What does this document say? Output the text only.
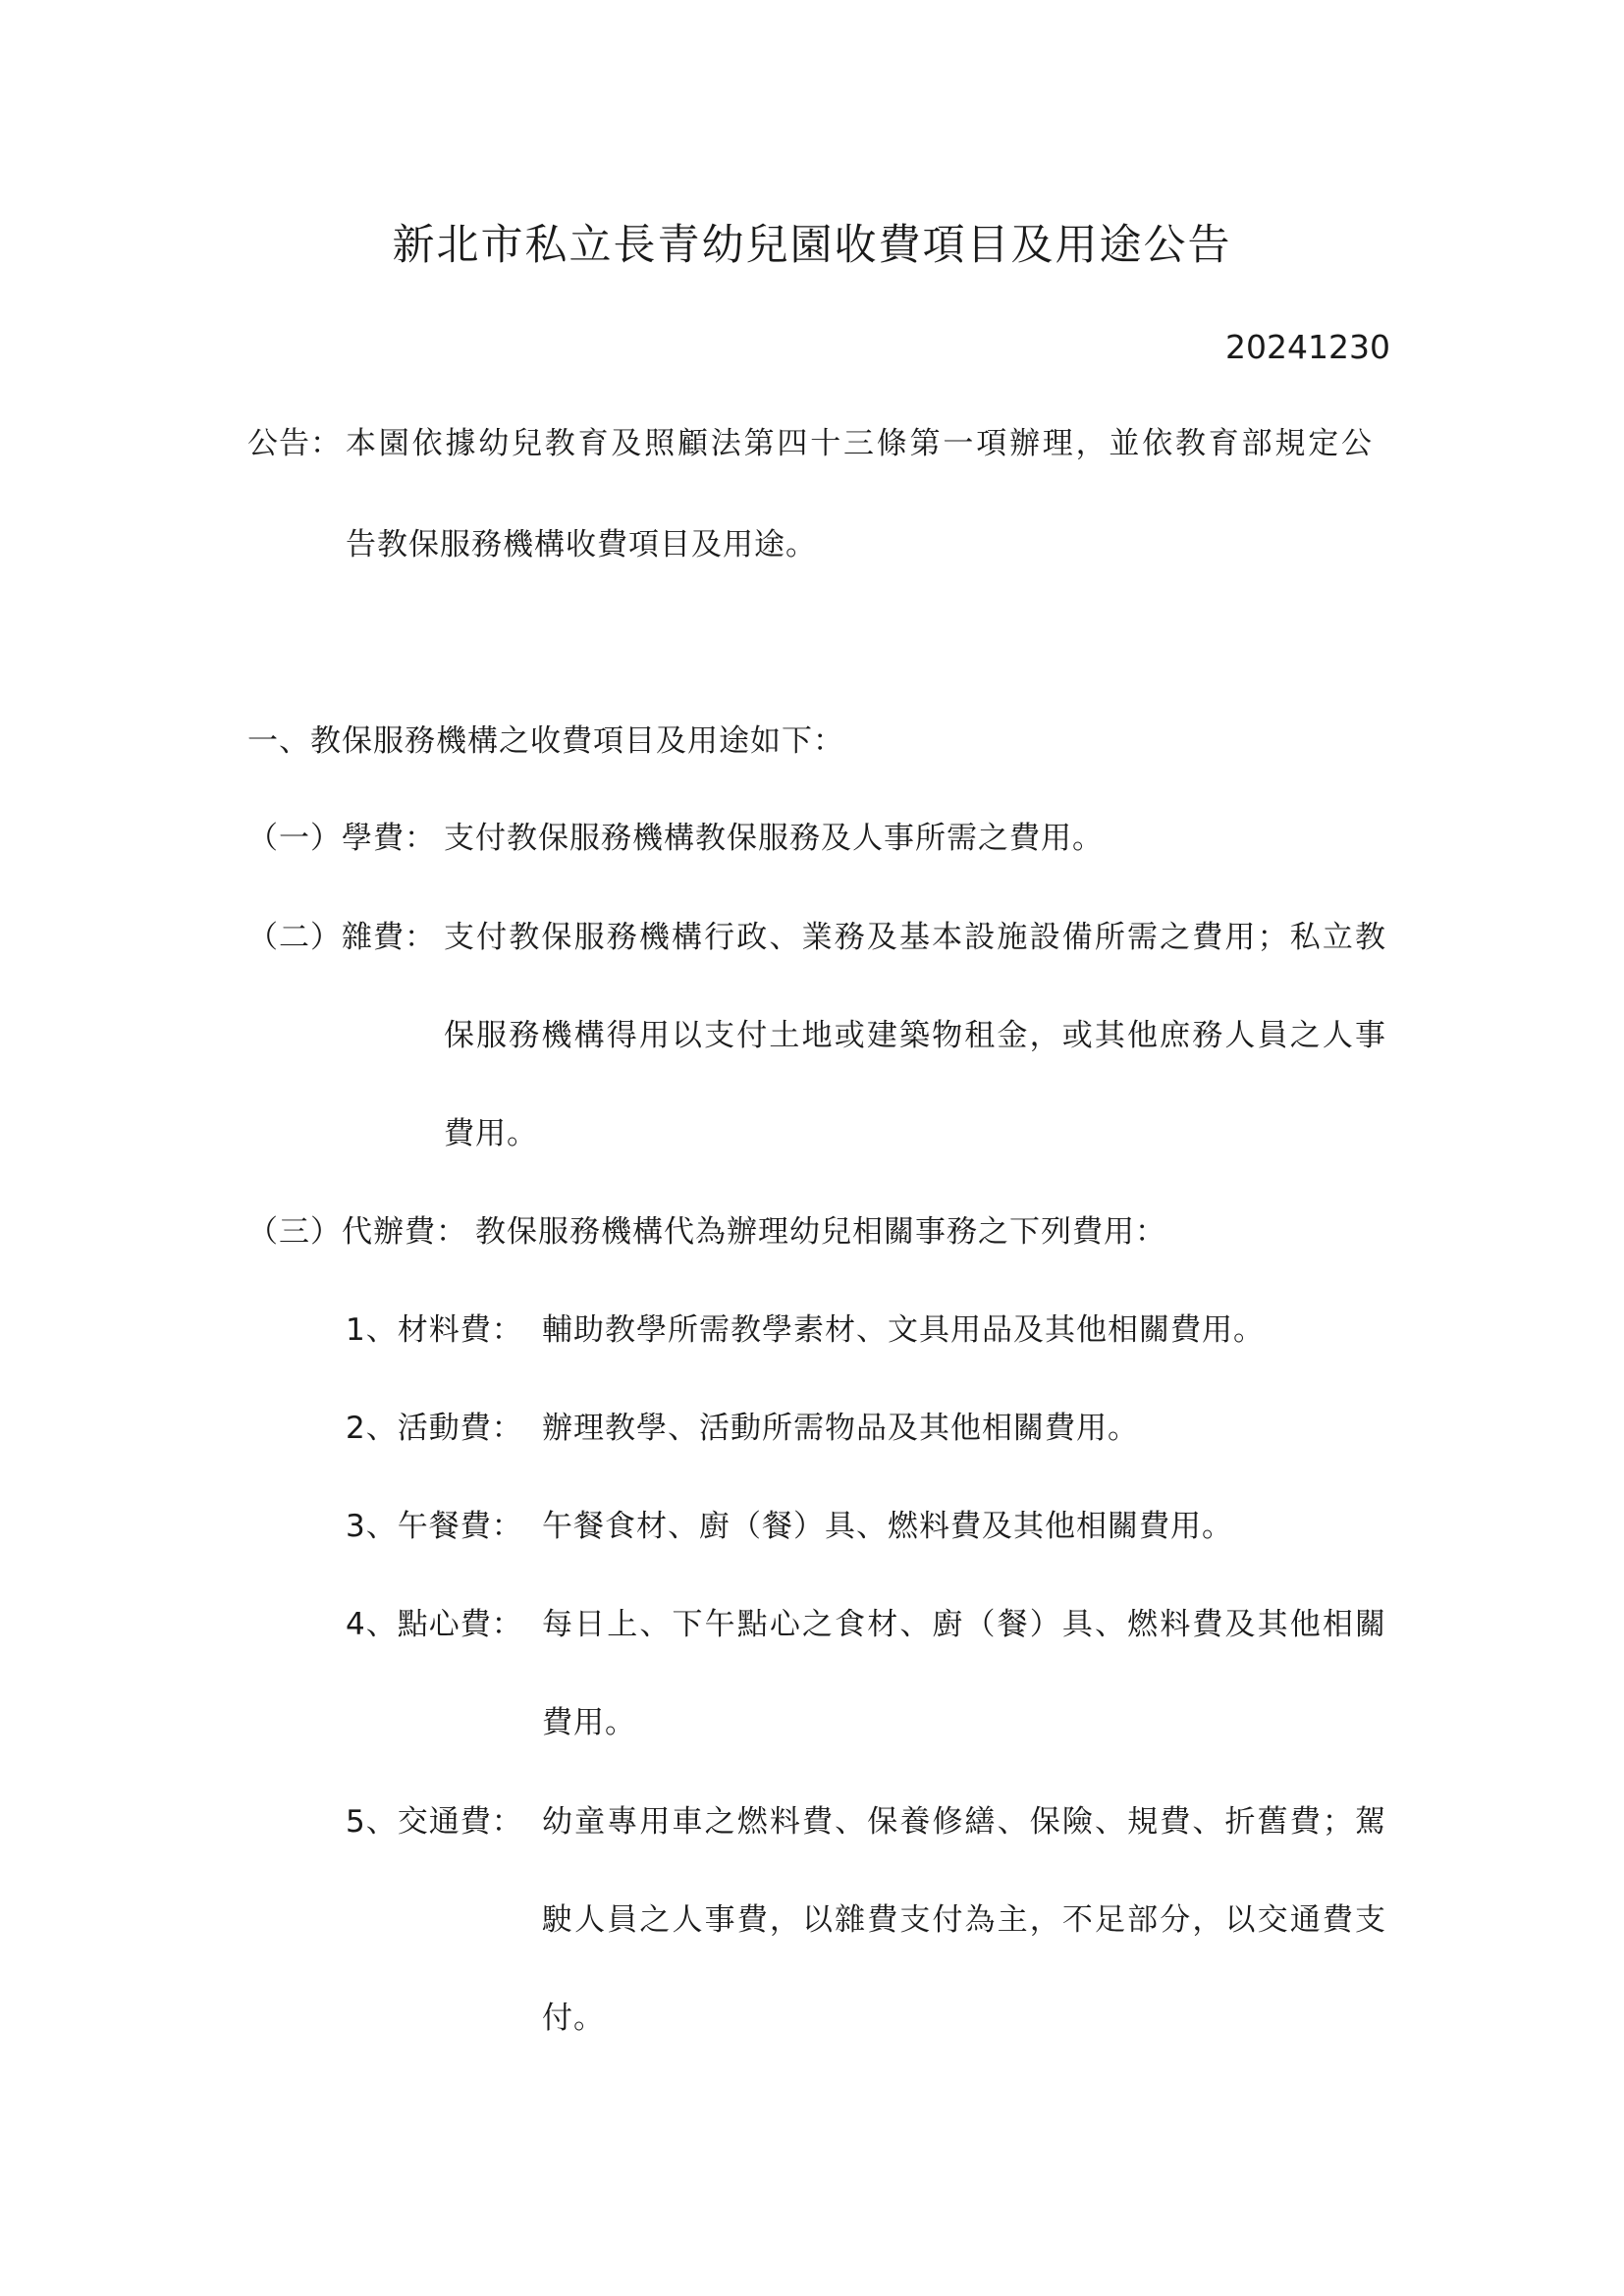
新北市私立長青幼兒園收費項目及用途公告
20241230
公告： 本園依據幼兒教育及照顧法第四十三條第一項辦理，並依教育部規定公
告教保服務機構收費項目及用途。
一、教保服務機構之收費項目及用途如下：
（一）學費： 支付教保服務機構教保服務及人事所需之費用。
（二）雜費： 支付教保服務機構行政、業務及基本設施設備所需之費用；私立教
保服務機構得用以支付土地或建築物租金，或其他庶務人員之人事
費用。
（三）代辦費： 教保服務機構代為辦理幼兒相關事務之下列費用：
1、材料費： 輔助教學所需教學素材、文具用品及其他相關費用。
2、活動費： 辦理教學、活動所需物品及其他相關費用。
3、午餐費： 午餐食材、廚（餐）具、燃料費及其他相關費用。
4、點心費： 每日上、下午點心之食材、廚（餐）具、燃料費及其他相關
費用。
5、交通費： 幼童專用車之燃料費、保養修繕、保險、規費、折舊費；駕
駛人員之人事費，以雜費支付為主，不足部分，以交通費支
付。
